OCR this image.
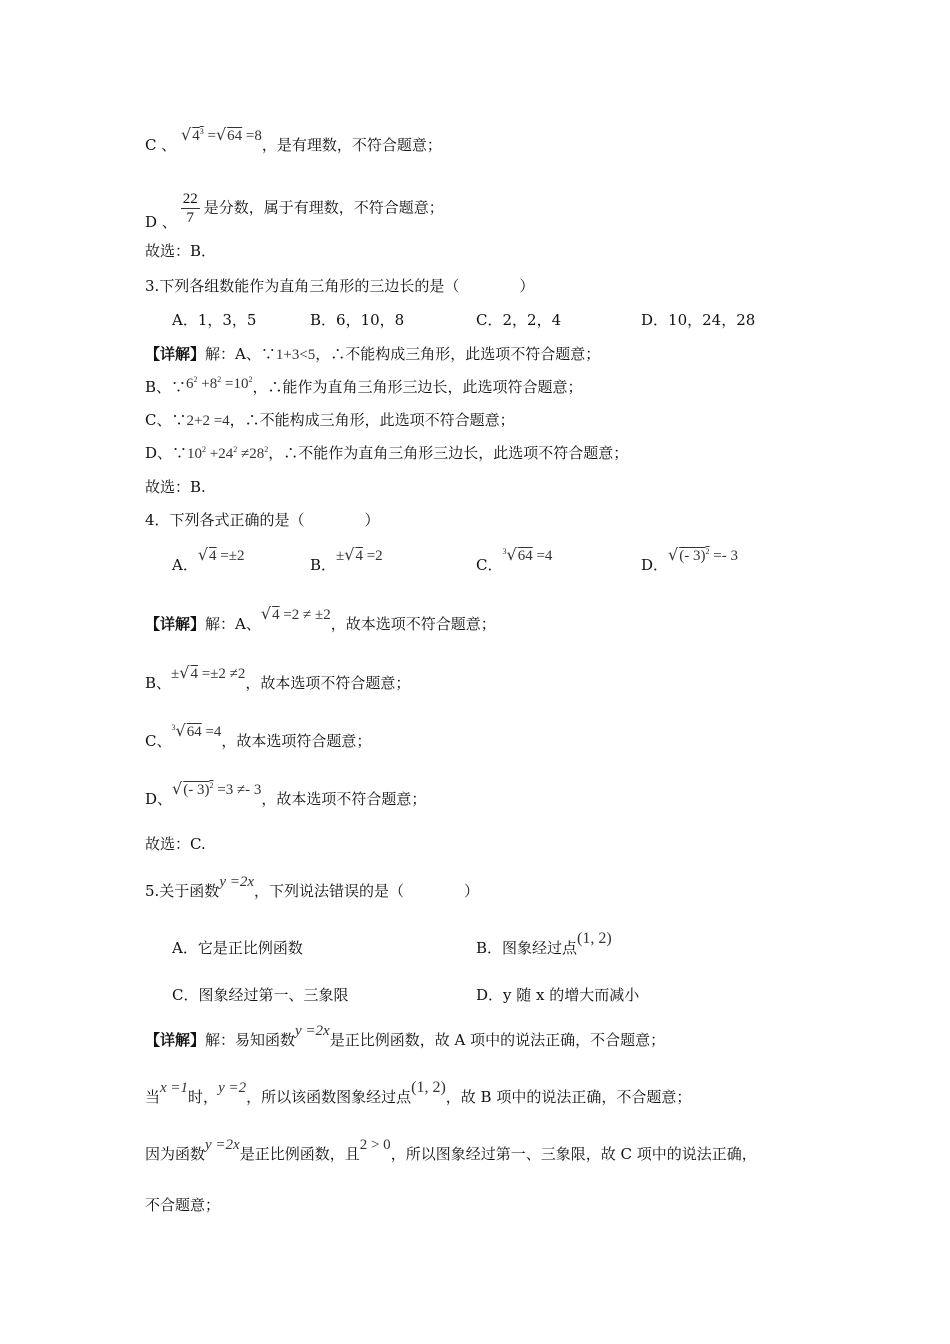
C 、 $√4^3 =√64 =8$，是有理数，不符合题意；
D 、 $\frac{22}{7}$ 是分数，属于有理数，不符合题意；
故选：B．
3.下列各组数能作为直角三角形的三边长的是（　　　　）
A．1，3，5	B．6，10，8	C．2，2，4	D．10，24，28
【详解】解：A、∵1+3<5，∴不能构成三角形，此选项不符合题意；
B、$\because 6^2 +8^2 =10^2$，∴能作为直角三角形三边长，此选项符合题意；
C、∵2+2 =4，∴不能构成三角形，此选项不符合题意；
D、$\because 10^2 +24^2 \ne 28^2$，∴不能作为直角三角形三边长，此选项不符合题意；
故选：B.
4．下列各式正确的是（　　　　）
A．√4 =±2	B．±√4 =2	C．$^3$√64 =4	D．√(- 3)$^2$ =- 3
【详解】解：A、√4 =2 ≠ ±2，故本选项不符合题意；
B、±√4 =±2 ≠2，故本选项不符合题意；
C、$^3$√64 =4，故本选项符合题意；
D、√(- 3)$^2$ =3 ≠- 3，故本选项不符合题意；
故选：C.
5.关于函数y =2x，下列说法错误的是（　　　　）
A．它是正比例函数	B．图象经过点(1, 2)
C．图象经过第一、三象限	D．y 随 x 的增大而减小
【详解】解：易知函数y =2x是正比例函数，故 A 项中的说法正确，不合题意；
当x =1时，y =2，所以该函数图象经过点(1, 2)，故 B 项中的说法正确，不合题意；
因为函数y =2x是正比例函数，且2 > 0，所以图象经过第一、三象限，故 C 项中的说法正确，
不合题意；
